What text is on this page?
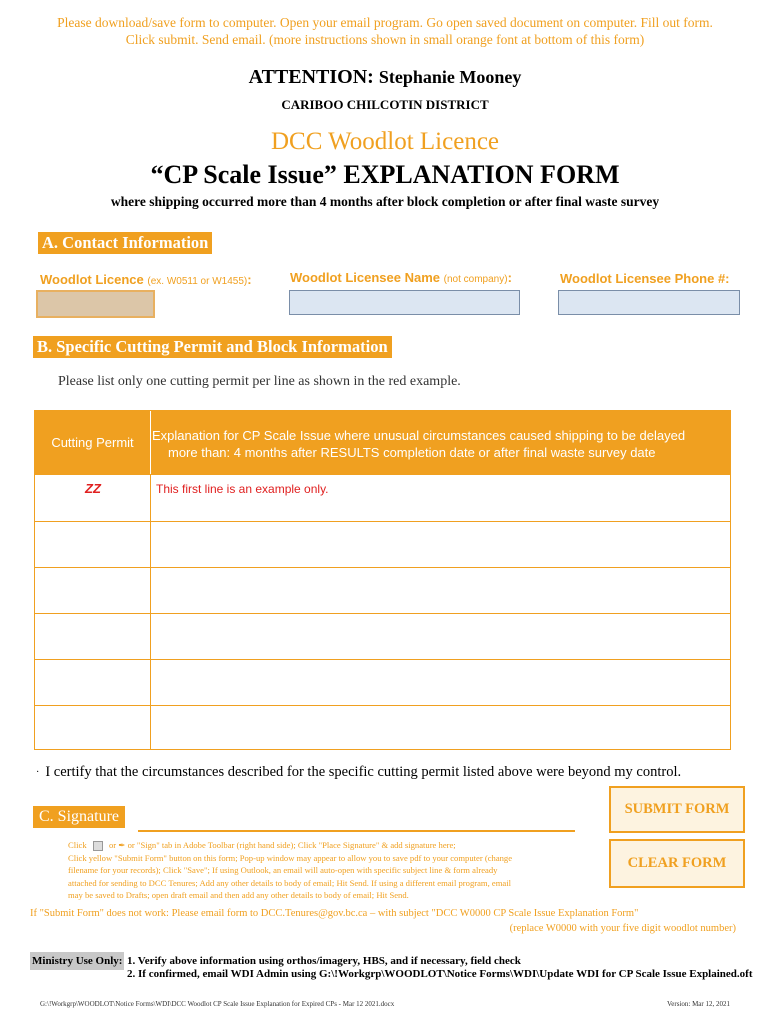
Please download/save form to computer. Open your email program. Go open saved document on computer. Fill out form.
Click submit. Send email. (more instructions shown in small orange font at bottom of this form)
ATTENTION: Stephanie Mooney
CARIBOO CHILCOTIN DISTRICT
DCC Woodlot Licence
“CP Scale Issue” EXPLANATION FORM
where shipping occurred more than 4 months after block completion or after final waste survey
A. Contact Information
Woodlot Licence (ex. W0511 or W1455):	Woodlot Licensee Name (not company):	Woodlot Licensee Phone #:
B. Specific Cutting Permit and Block Information
Please list only one cutting permit per line as shown in the red example.
Cutting Permit	Explanation for CP Scale Issue where unusual circumstances caused shipping to be delayed
more than: 4 months after RESULTS completion date or after final waste survey date
ZZ	This first line is an example only.
· I certify that the circumstances described for the specific cutting permit listed above were beyond my control.
C. Signature
Click	or ✒ or "Sign" tab in Adobe Toolbar (right hand side); Click "Place Signature" & add signature here;
Click yellow "Submit Form" button on this form; Pop-up window may appear to allow you to save pdf to your computer (change
filename for your records); Click "Save"; If using Outlook, an email will auto-open with specific subject line & form already
attached for sending to DCC Tenures; Add any other details to body of email; Hit Send. If using a different email program, email
may be saved to Drafts; open draft email and then add any other details to body of email; Hit Send.
SUBMIT FORM
CLEAR FORM
If "Submit Form" does not work: Please email form to DCC.Tenures@gov.bc.ca – with subject "DCC W0000 CP Scale Issue Explanation Form"
(replace W0000 with your five digit woodlot number)
Ministry Use Only: 1. Verify above information using orthos/imagery, HBS, and if necessary, field check
2. If confirmed, email WDI Admin using G:\!Workgrp\WOODLOT\Notice Forms\WDI\Update WDI for CP Scale Issue Explained.oft
G:\!Workgrp\WOODLOT\Notice Forms\WDI\DCC Woodlot CP Scale Issue Explanation for Expired CPs - Mar 12 2021.docx	Version: Mar 12, 2021
